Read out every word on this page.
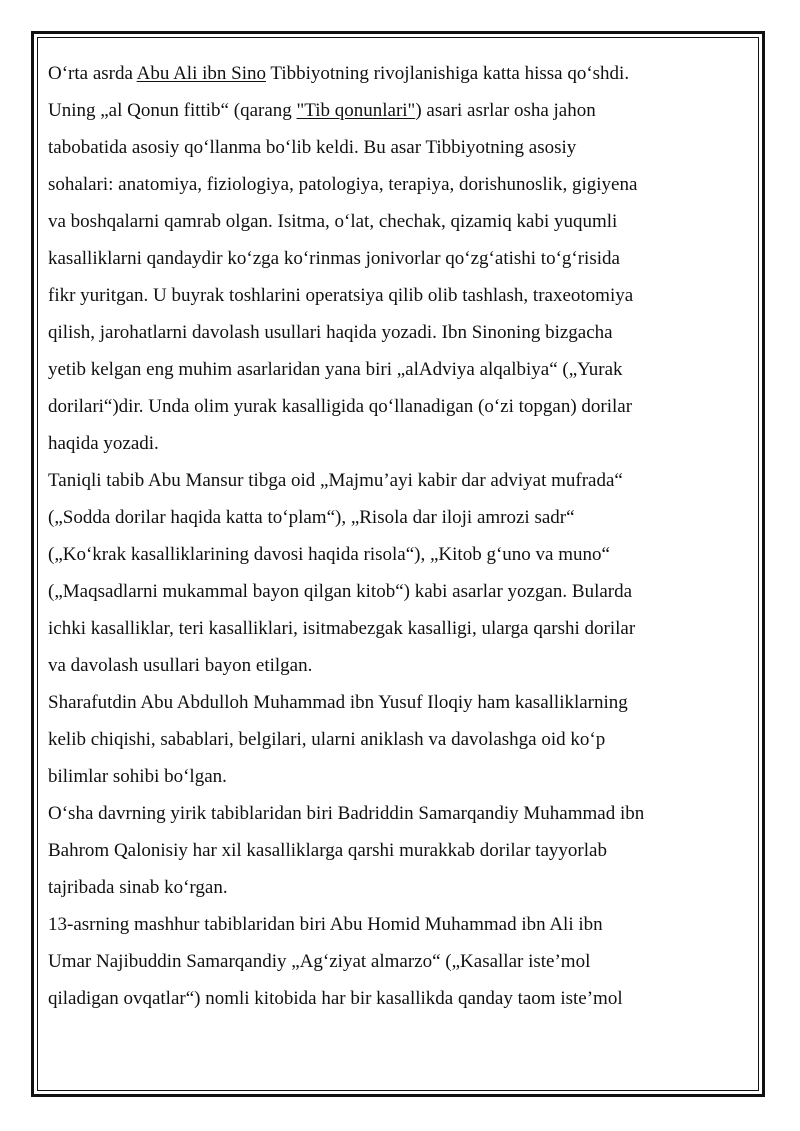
Oʻrta asrda Abu Ali ibn Sino Tibbiyotning rivojlanishiga katta hissa qoʻshdi.
Uning „al Qonun fittib“ (qarang "Tib qonunlari") asari asrlar osha jahon
tabobatida asosiy qoʻllanma boʻlib keldi. Bu asar Tibbiyotning asosiy
sohalari: anatomiya, fiziologiya, patologiya, terapiya, dorishunoslik, gigiyena
va boshqalarni qamrab olgan. Isitma, oʻlat, chechak, qizamiq kabi yuqumli
kasalliklarni qandaydir koʻzga koʻrinmas jonivorlar qoʻzgʻatishi toʻgʻrisida
fikr yuritgan. U buyrak toshlarini operatsiya qilib olib tashlash, traxeotomiya
qilish, jarohatlarni davolash usullari haqida yozadi. Ibn Sinoning bizgacha
yetib kelgan eng muhim asarlaridan yana biri „alAdviya alqalbiya“ („Yurak
dorilari“)dir. Unda olim yurak kasalligida qoʻllanadigan (oʻzi topgan) dorilar
haqida yozadi.
Taniqli tabib Abu Mansur tibga oid „Majmuʼayi kabir dar adviyat mufrada“
(„Sodda dorilar haqida katta toʻplam“), „Risola dar iloji amrozi sadr“
(„Koʻkrak kasalliklarining davosi haqida risola“), „Kitob gʻuno va muno“
(„Maqsadlarni mukammal bayon qilgan kitob“) kabi asarlar yozgan. Bularda
ichki kasalliklar, teri kasalliklari, isitmabezgak kasalligi, ularga qarshi dorilar
va davolash usullari bayon etilgan.
Sharafutdin Abu Abdulloh Muhammad ibn Yusuf Iloqiy ham kasalliklarning
kelib chiqishi, sabablari, belgilari, ularni aniklash va davolashga oid koʻp
bilimlar sohibi boʻlgan.
Oʻsha davrning yirik tabiblaridan biri Badriddin Samarqandiy Muhammad ibn
Bahrom Qalonisiy har xil kasalliklarga qarshi murakkab dorilar tayyorlab
tajribada sinab koʻrgan.
13-asrning mashhur tabiblaridan biri Abu Homid Muhammad ibn Ali ibn
Umar Najibuddin Samarqandiy „Agʻziyat almarzo“ („Kasallar isteʼmol
qiladigan ovqatlar“) nomli kitobida har bir kasallikda qanday taom isteʼmol
